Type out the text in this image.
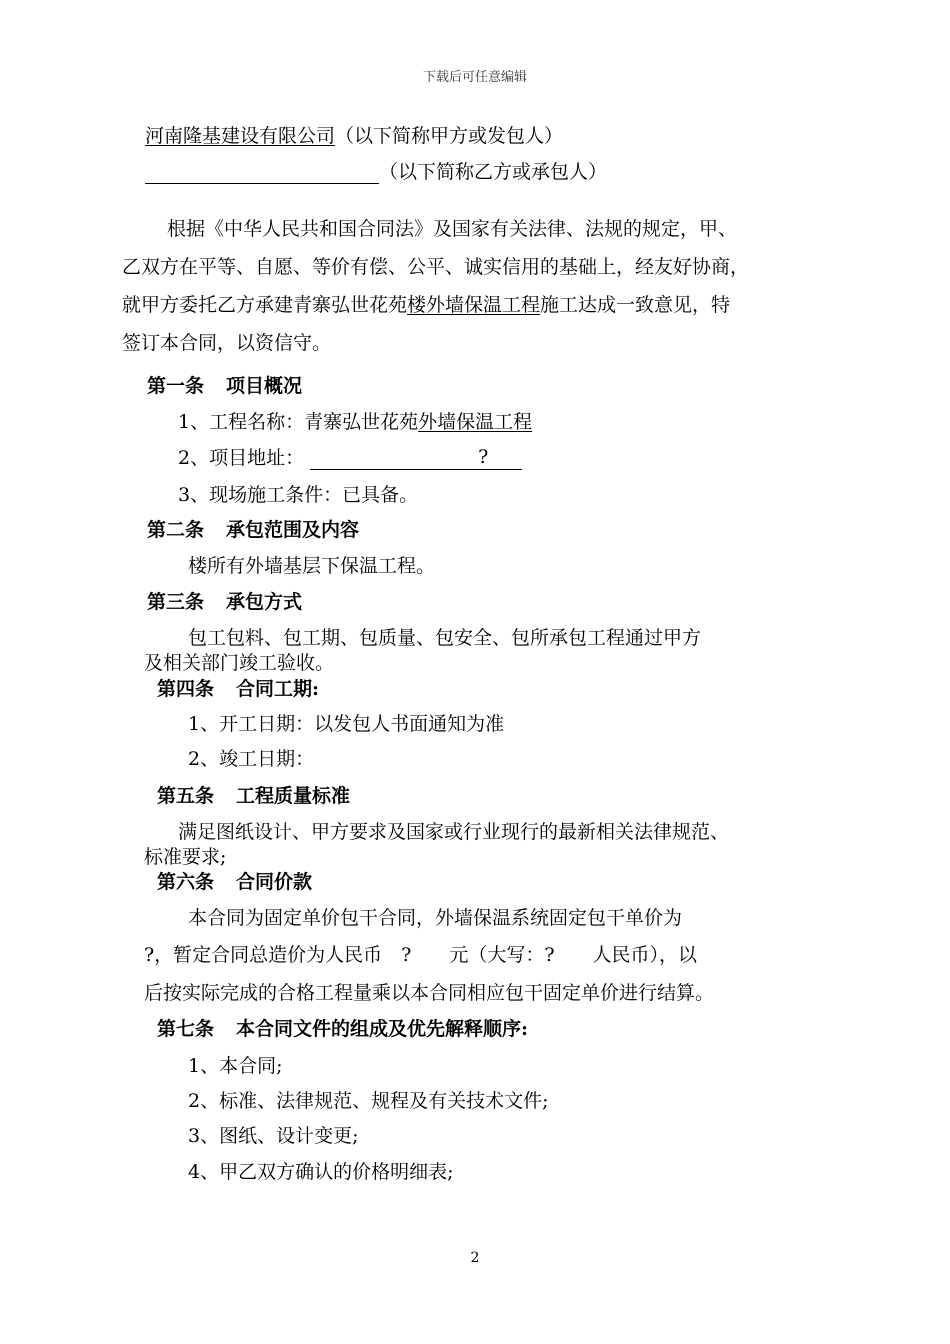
下载后可任意编辑
河南隆基建设有限公司（以下简称甲方或发包人）
（以下简称乙方或承包人）
根据《中华人民共和国合同法》及国家有关法律、法规的规定，甲、
乙双方在平等、自愿、等价有偿、公平、诚实信用的基础上，经友好协商，
就甲方委托乙方承建青寨弘世花苑楼外墙保温工程施工达成一致意见，特
签订本合同，以资信守。
第一条 项目概况
1、工程名称：青寨弘世花苑外墙保温工程
2、项目地址：	?
3、现场施工条件：已具备。
第二条 承包范围及内容
楼所有外墙基层下保温工程。
第三条 承包方式
包工包料、包工期、包质量、包安全、包所承包工程通过甲方
及相关部门竣工验收。
第四条 合同工期:
1、开工日期：以发包人书面通知为准
2、竣工日期：
第五条 工程质量标准
满足图纸设计、甲方要求及国家或行业现行的最新相关法律规范、
标准要求;
第六条 合同价款
本合同为固定单价包干合同，外墙保温系统固定包干单价为
?，暂定合同总造价为人民币　?　　元（大写：?　　人民币），以
后按实际完成的合格工程量乘以本合同相应包干固定单价进行结算。
第七条 本合同文件的组成及优先解释顺序:
1、本合同;
2、标准、法律规范、规程及有关技术文件;
3、图纸、设计变更;
4、甲乙双方确认的价格明细表;
2
